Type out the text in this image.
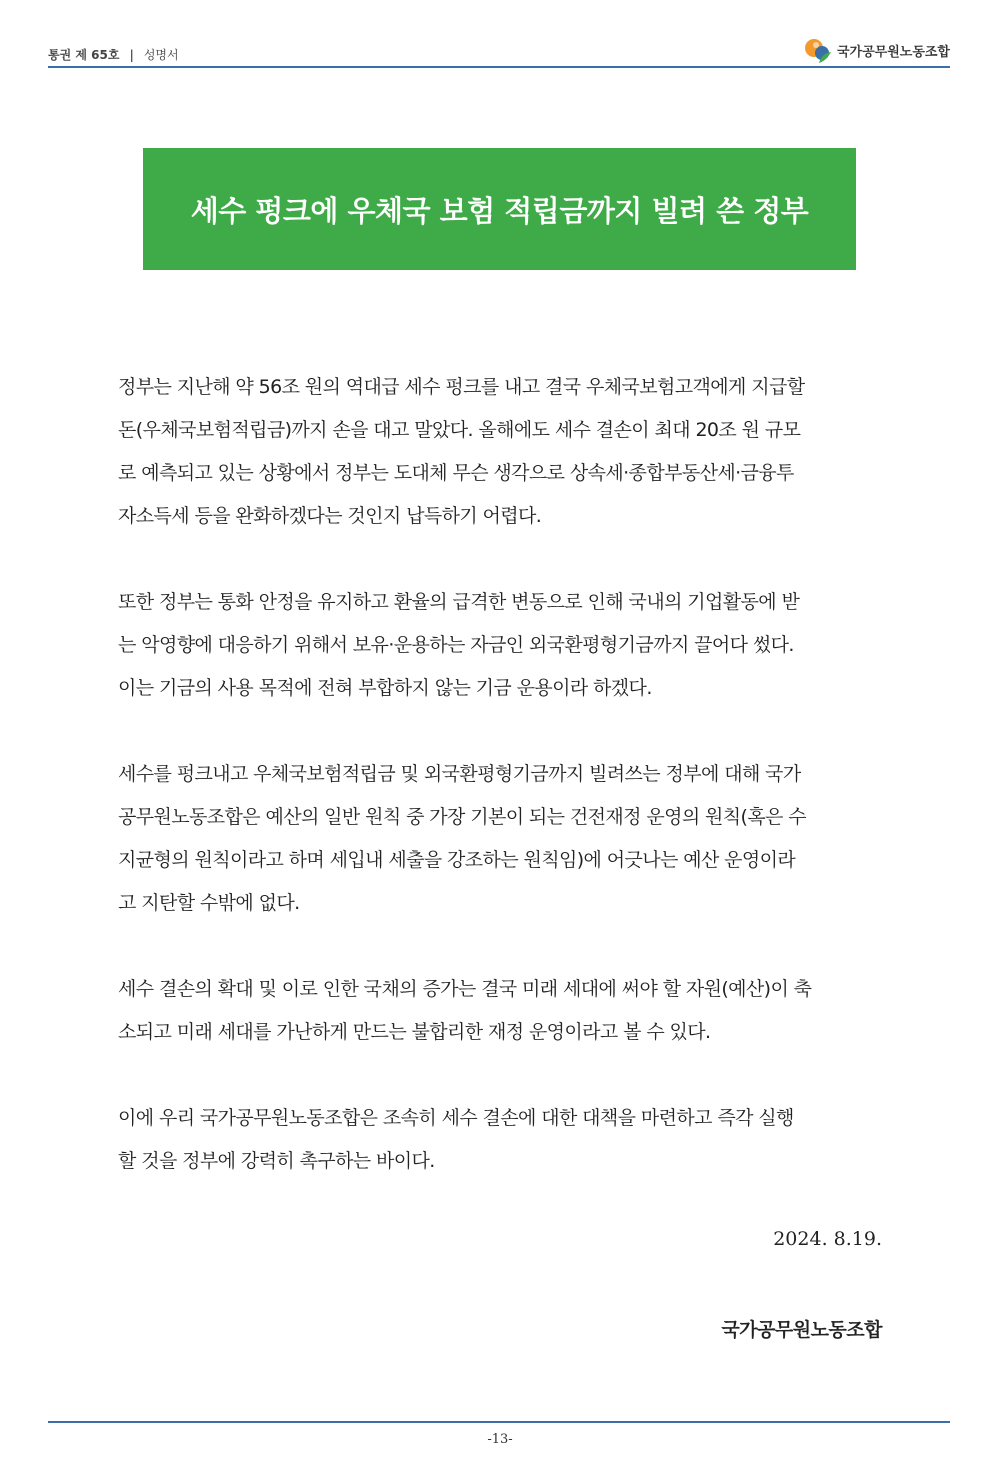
통권 제 65호 | 성명서	국가공무원노동조합
세수 펑크에 우체국 보험 적립금까지 빌려 쓴 정부

정부는 지난해 약 56조 원의 역대급 세수 펑크를 내고 결국 우체국보험고객에게 지급할
돈(우체국보험적립금)까지 손을 대고 말았다. 올해에도 세수 결손이 최대 20조 원 규모
로 예측되고 있는 상황에서 정부는 도대체 무슨 생각으로 상속세·종합부동산세·금융투
자소득세 등을 완화하겠다는 것인지 납득하기 어렵다.

또한 정부는 통화 안정을 유지하고 환율의 급격한 변동으로 인해 국내의 기업활동에 받
는 악영향에 대응하기 위해서 보유·운용하는 자금인 외국환평형기금까지 끌어다 썼다.
이는 기금의 사용 목적에 전혀 부합하지 않는 기금 운용이라 하겠다.

세수를 펑크내고 우체국보험적립금 및 외국환평형기금까지 빌려쓰는 정부에 대해 국가
공무원노동조합은 예산의 일반 원칙 중 가장 기본이 되는 건전재정 운영의 원칙(혹은 수
지균형의 원칙이라고 하며 세입내 세출을 강조하는 원칙임)에 어긋나는 예산 운영이라
고 지탄할 수밖에 없다.

세수 결손의 확대 및 이로 인한 국채의 증가는 결국 미래 세대에 써야 할 자원(예산)이 축
소되고 미래 세대를 가난하게 만드는 불합리한 재정 운영이라고 볼 수 있다.

이에 우리 국가공무원노동조합은 조속히 세수 결손에 대한 대책을 마련하고 즉각 실행
할 것을 정부에 강력히 촉구하는 바이다.

2024. 8.19.
국가공무원노동조합
-13-
